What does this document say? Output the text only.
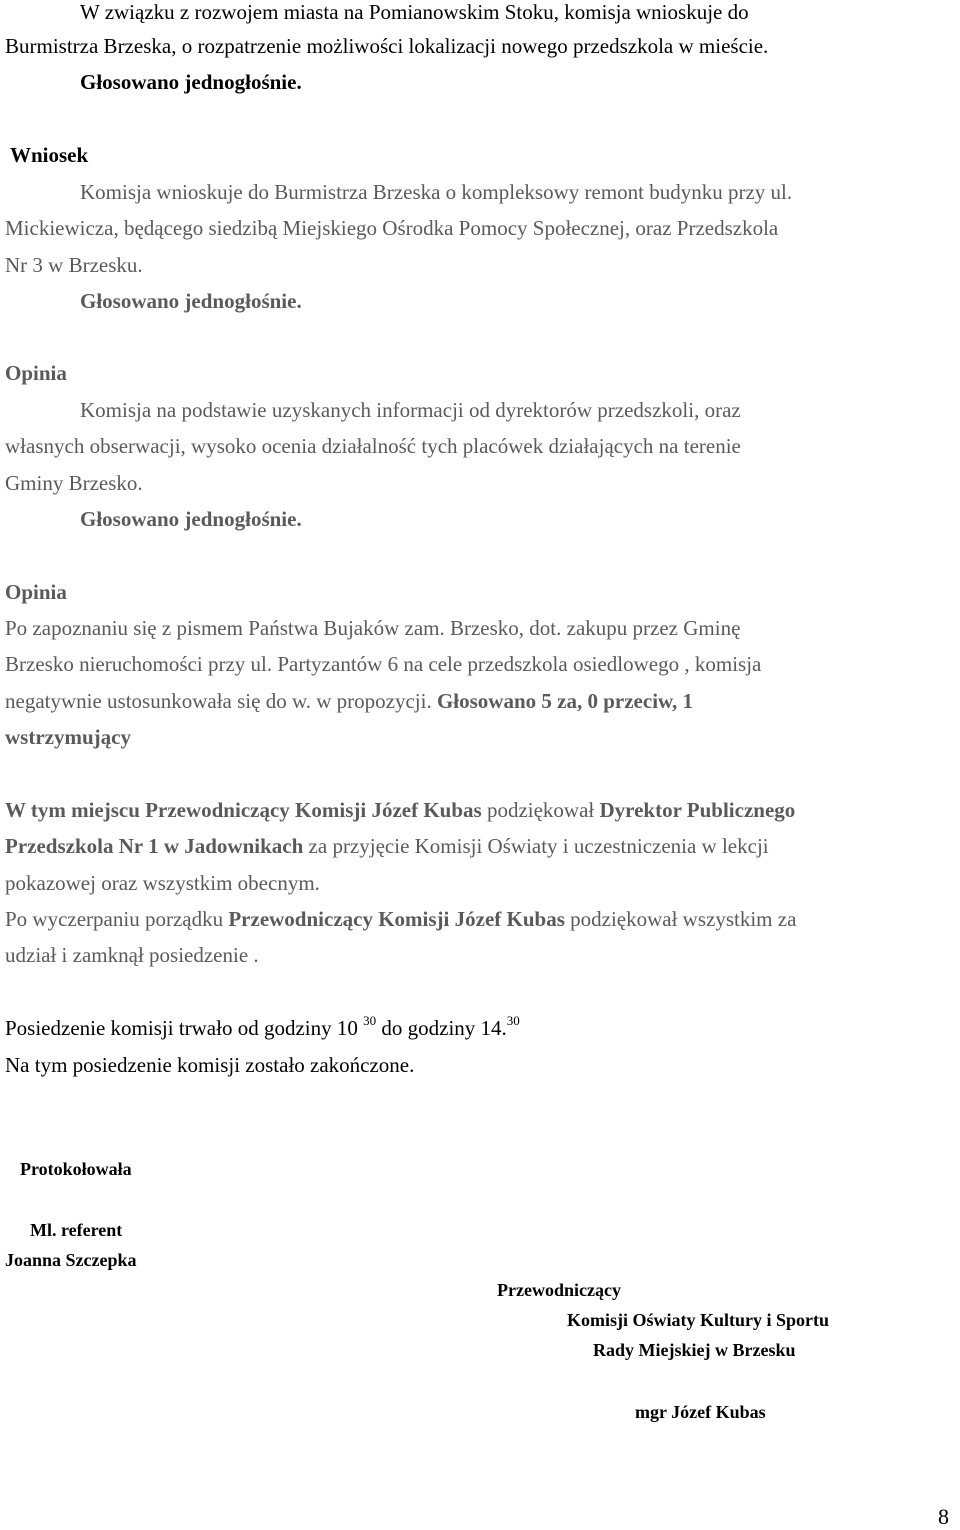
W związku z rozwojem miasta na Pomianowskim Stoku, komisja wnioskuje do
Burmistrza Brzeska, o rozpatrzenie możliwości lokalizacji nowego przedszkola w mieście.
Głosowano jednogłośnie.
Wniosek
Komisja wnioskuje do Burmistrza Brzeska o kompleksowy remont budynku przy ul.
Mickiewicza, będącego siedzibą Miejskiego Ośrodka Pomocy Społecznej, oraz Przedszkola
Nr 3 w Brzesku.
Głosowano jednogłośnie.
Opinia
Komisja na podstawie uzyskanych informacji od dyrektorów przedszkoli, oraz
własnych obserwacji, wysoko ocenia działalność tych placówek działających na terenie
Gminy Brzesko.
Głosowano jednogłośnie.
Opinia
Po zapoznaniu się z pismem Państwa Bujaków zam. Brzesko, dot. zakupu przez Gminę
Brzesko nieruchomości przy ul. Partyzantów 6 na cele przedszkola osiedlowego , komisja
negatywnie ustosunkowała się do w. w propozycji. Głosowano 5 za, 0 przeciw, 1
wstrzymujący
W tym miejscu Przewodniczący Komisji Józef Kubas podziękował Dyrektor Publicznego
Przedszkola Nr 1 w Jadownikach za przyjęcie Komisji Oświaty i uczestniczenia w lekcji
pokazowej oraz wszystkim obecnym.
Po wyczerpaniu porządku Przewodniczący Komisji Józef Kubas podziękował wszystkim za
udział i zamknął posiedzenie .
Posiedzenie komisji trwało od godziny 10 $^{30}$ do godziny 14.30
Na tym posiedzenie komisji zostało zakończone.
Protokołowała
Ml. referent
Joanna Szczepka
Przewodniczący
Komisji Oświaty Kultury i Sportu
Rady Miejskiej w Brzesku
mgr Józef Kubas
8
